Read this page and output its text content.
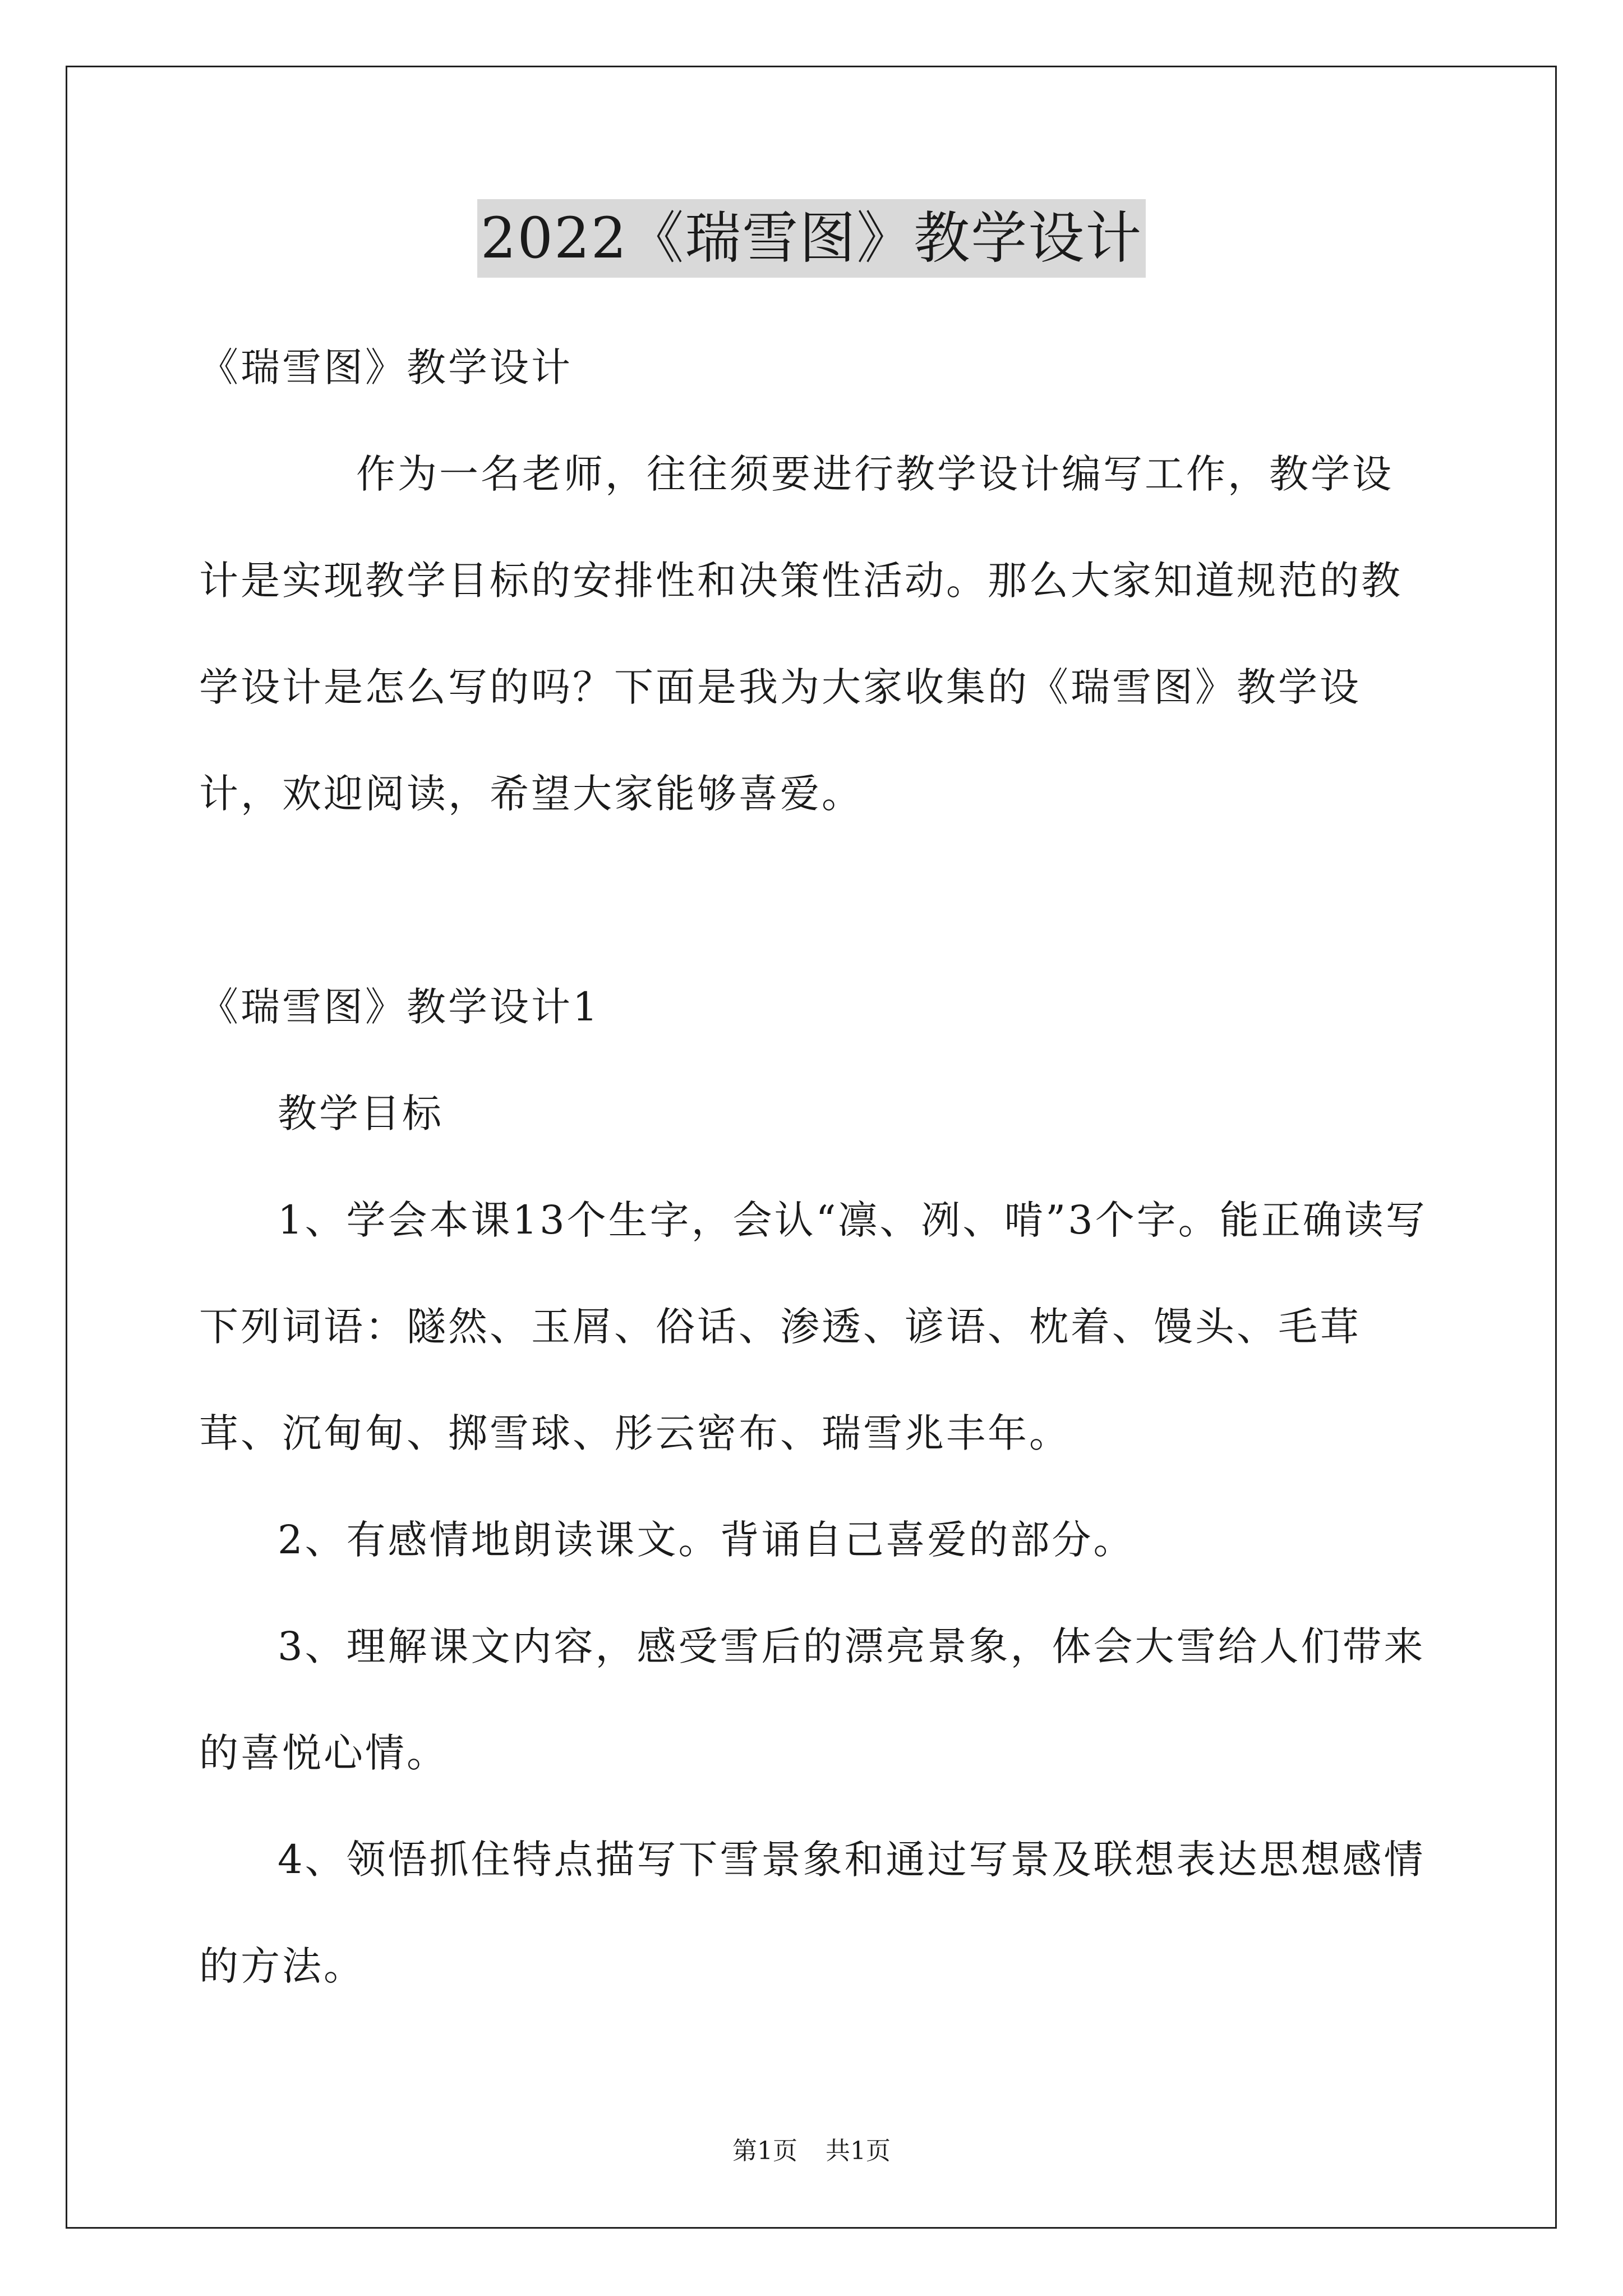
2022《瑞雪图》教学设计

《瑞雪图》教学设计

作为一名老师，往往须要进行教学设计编写工作，教学设计是实现教学目标的安排性和决策性活动。那么大家知道规范的教学设计是怎么写的吗？下面是我为大家收集的《瑞雪图》教学设计，欢迎阅读，希望大家能够喜爱。

《瑞雪图》教学设计1

教学目标

1、学会本课13个生字，会认“凛、冽、啃”3个字。能正确读写下列词语：隧然、玉屑、俗话、渗透、谚语、枕着、馒头、毛茸茸、沉甸甸、掷雪球、彤云密布、瑞雪兆丰年。

2、有感情地朗读课文。背诵自己喜爱的部分。

3、理解课文内容，感受雪后的漂亮景象，体会大雪给人们带来的喜悦心情。

4、领悟抓住特点描写下雪景象和通过写景及联想表达思想感情的方法。

第1页 共1页
